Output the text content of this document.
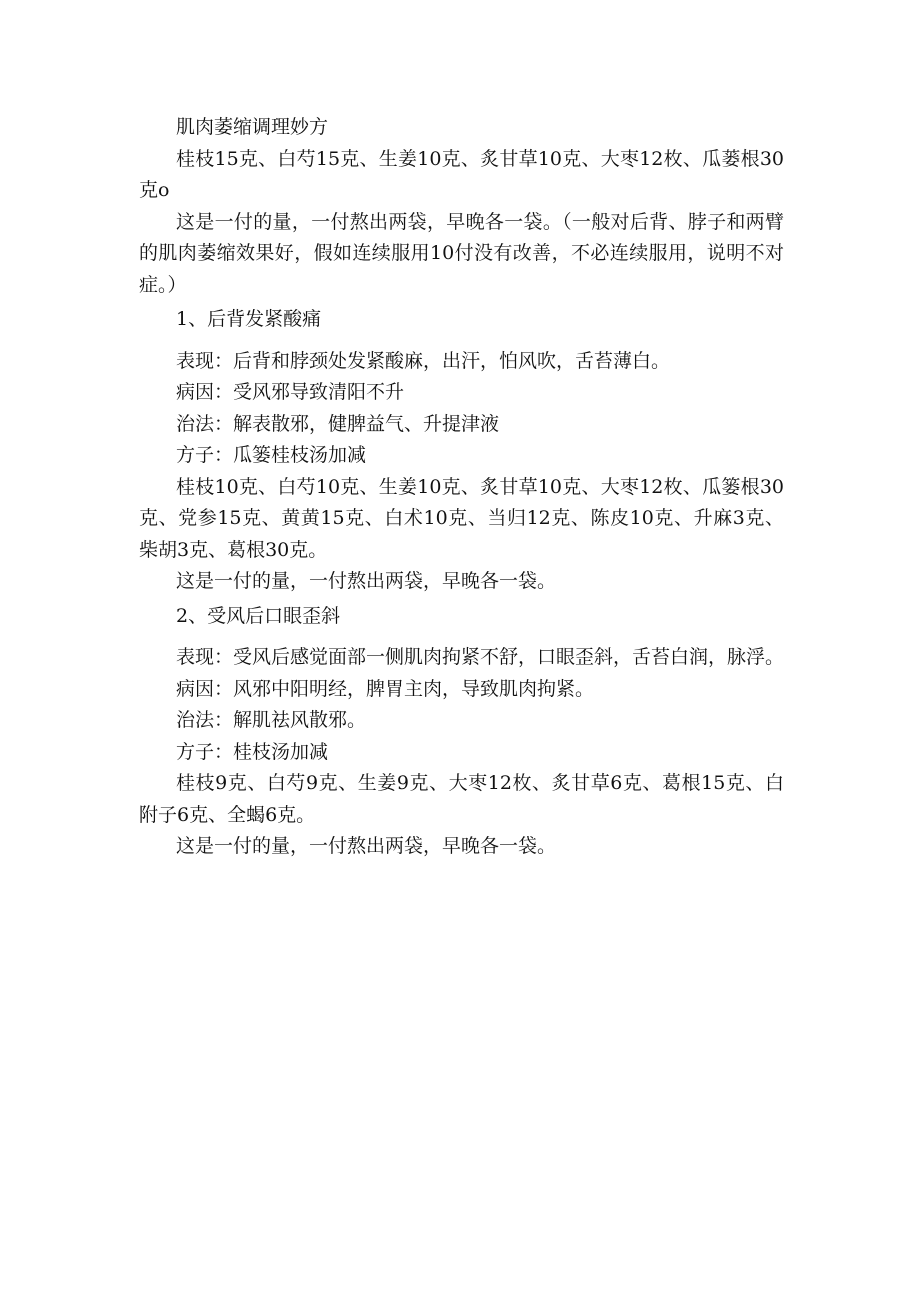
肌肉萎缩调理妙方

桂枝15克、白芍15克、生姜10克、炙甘草10克、大枣12枚、瓜蒌根30克o

这是一付的量，一付熬出两袋，早晚各一袋。（一般对后背、脖子和两臂的肌肉萎缩效果好，假如连续服用10付没有改善，不必连续服用，说明不对症。）

1、后背发紧酸痛

表现：后背和脖颈处发紧酸麻，出汗，怕风吹，舌苔薄白。

病因：受风邪导致清阳不升

治法：解表散邪，健脾益气、升提津液

方子：瓜篓桂枝汤加减

桂枝10克、白芍10克、生姜10克、炙甘草10克、大枣12枚、瓜篓根30克、党参15克、黄黄15克、白术10克、当归12克、陈皮10克、升麻3克、柴胡3克、葛根30克。

这是一付的量，一付熬出两袋，早晚各一袋。

2、受风后口眼歪斜

表现：受风后感觉面部一侧肌肉拘紧不舒，口眼歪斜，舌苔白润，脉浮。

病因：风邪中阳明经，脾胃主肉，导致肌肉拘紧。

治法：解肌祛风散邪。

方子：桂枝汤加减

桂枝9克、白芍9克、生姜9克、大枣12枚、炙甘草6克、葛根15克、白附子6克、全蝎6克。

这是一付的量，一付熬出两袋，早晚各一袋。
